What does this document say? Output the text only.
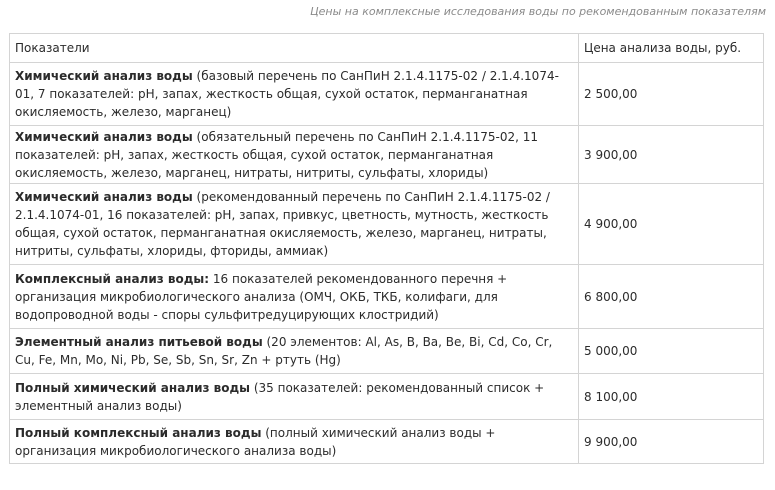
Цены на комплексные исследования воды по рекомендованным показателям
Показатели	Цена анализа воды, руб.
Химический анализ воды (базовый перечень по СанПиН 2.1.4.1175-02 / 2.1.4.1074-01, 7 показателей: pH, запах, жесткость общая, сухой остаток, перманганатная окисляемость, железо, марганец)	2 500,00
Химический анализ воды (обязательный перечень по СанПиН 2.1.4.1175-02, 11 показателей: pH, запах, жесткость общая, сухой остаток, перманганатная окисляемость, железо, марганец, нитраты, нитриты, сульфаты, хлориды)	3 900,00
Химический анализ воды (рекомендованный перечень по СанПиН 2.1.4.1175-02 / 2.1.4.1074-01, 16 показателей: pH, запах, привкус, цветность, мутность, жесткость общая, сухой остаток, перманганатная окисляемость, железо, марганец, нитраты, нитриты, сульфаты, хлориды, фториды, аммиак)	4 900,00
Комплексный анализ воды: 16 показателей рекомендованного перечня + организация микробиологического анализа (ОМЧ, ОКБ, ТКБ, колифаги, для водопроводной воды - споры сульфитредуцирующих клостридий)	6 800,00
Элементный анализ питьевой воды (20 элементов: Al, As, B, Ba, Be, Bi, Cd, Co, Cr, Cu, Fe, Mn, Mo, Ni, Pb, Se, Sb, Sn, Sr, Zn + ртуть (Hg)	5 000,00
Полный химический анализ воды (35 показателей: рекомендованный список + элементный анализ воды)	8 100,00
Полный комплексный анализ воды (полный химический анализ воды + организация микробиологического анализа воды)	9 900,00
